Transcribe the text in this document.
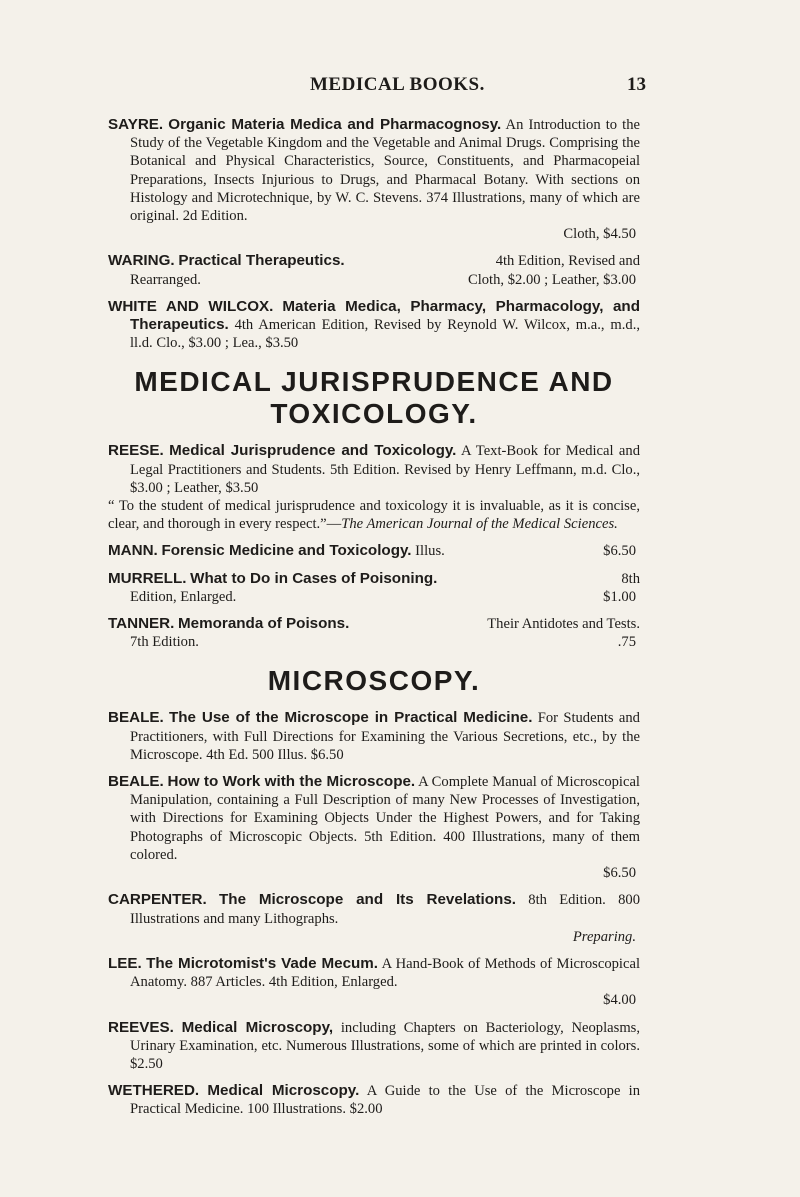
MEDICAL BOOKS.	13
SAYRE. Organic Materia Medica and Pharmacognosy. An Introduction to the Study of the Vegetable Kingdom and the Vegetable and Animal Drugs. Comprising the Botanical and Physical Characteristics, Source, Constituents, and Pharmacopeial Preparations, Insects Injurious to Drugs, and Pharmacal Botany. With sections on Histology and Microtechnique, by W. C. Stevens. 374 Illustrations, many of which are original. 2d Edition.
Cloth, $4.50
WARING. Practical Therapeutics.	4th Edition, Revised and
Rearranged.	Cloth, $2.00 ; Leather, $3.00
WHITE AND WILCOX. Materia Medica, Pharmacy, Pharmacology, and Therapeutics. 4th American Edition, Revised by Reynold W. Wilcox, m.a., m.d., ll.d. Clo., $3.00 ; Lea., $3.50
MEDICAL JURISPRUDENCE AND
TOXICOLOGY.
REESE. Medical Jurisprudence and Toxicology. A Text-Book for Medical and Legal Practitioners and Students. 5th Edition. Revised by Henry Leffmann, m.d. Clo., $3.00 ; Leather, $3.50
“ To the student of medical jurisprudence and toxicology it is invaluable, as it is concise, clear, and thorough in every respect.”—The American Journal of the Medical Sciences.
MANN. Forensic Medicine and Toxicology. Illus.	$6.50
MURRELL. What to Do in Cases of Poisoning.	8th
Edition, Enlarged.	$1.00
TANNER. Memoranda of Poisons.	Their Antidotes and Tests.
7th Edition.	.75
MICROSCOPY.
BEALE. The Use of the Microscope in Practical Medicine. For Students and Practitioners, with Full Directions for Examining the Various Secretions, etc., by the Microscope. 4th Ed. 500 Illus. $6.50
BEALE. How to Work with the Microscope. A Complete Manual of Microscopical Manipulation, containing a Full Description of many New Processes of Investigation, with Directions for Examining Objects Under the Highest Powers, and for Taking Photographs of Microscopic Objects. 5th Edition. 400 Illustrations, many of them colored.
$6.50
CARPENTER. The Microscope and Its Revelations. 8th Edition. 800 Illustrations and many Lithographs.
Preparing.
LEE. The Microtomist's Vade Mecum. A Hand-Book of Methods of Microscopical Anatomy. 887 Articles. 4th Edition, Enlarged.
$4.00
REEVES. Medical Microscopy, including Chapters on Bacteriology, Neoplasms, Urinary Examination, etc. Numerous Illustrations, some of which are printed in colors. $2.50
WETHERED. Medical Microscopy. A Guide to the Use of the Microscope in Practical Medicine. 100 Illustrations. $2.00
